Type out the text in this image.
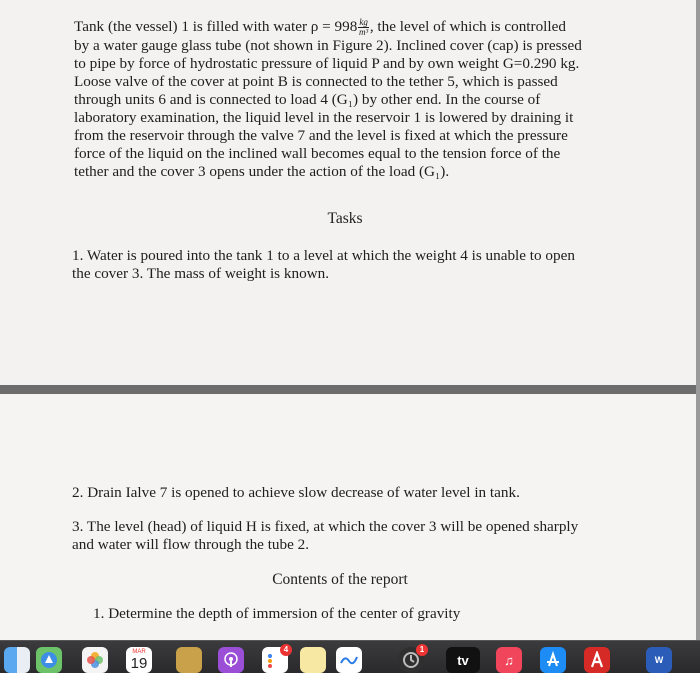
Tank (the vessel) 1 is filled with water $\rho = 998 \frac{kg}{\text{m³}}$ , the level of which is controlled
by a water gauge glass tube (not shown in Figure 2). Inclined cover (cap) is pressed
to pipe by force of hydrostatic pressure of liquid P and by own weight G=0.290 kg.
Loose valve of the cover at point B is connected to the tether 5, which is passed
through units 6 and is connected to load 4 (G₁) by other end. In the course of
laboratory examination, the liquid level in the reservoir 1 is lowered by draining it
from the reservoir through the valve 7 and the level is fixed at which the pressure
force of the liquid on the inclined wall becomes equal to the tension force of the
tether and the cover 3 opens under the action of the load (G₁).
Tasks
1. Water is poured into the tank 1 to a level at which the weight 4 is unable to open
the cover 3. The mass of weight is known.
2. Drain Ialve 7 is opened to achieve slow decrease of water level in tank.
3. The level (head) of liquid H is fixed, at which the cover 3 will be opened sharply
and water will flow through the tube 2.
Contents of the report
1. Determine the depth of immersion of the center of gravity
MAR
19
4	1
tv	♫	W
